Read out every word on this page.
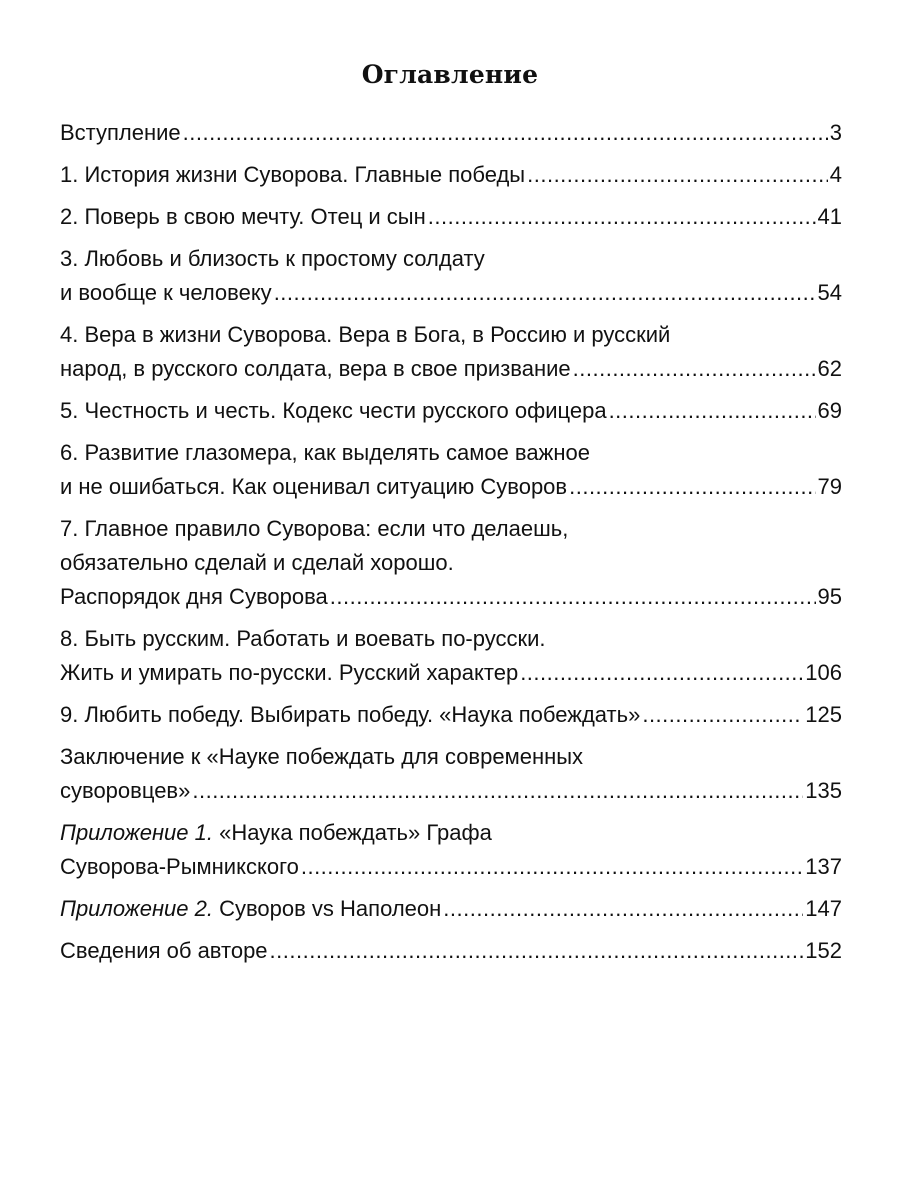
Оглавление
Вступление .....	3
1. История жизни Суворова. Главные победы .....	4
2. Поверь в свою мечту. Отец и сын .....	41
3. Любовь и близость к простому солдату
и вообще к человеку .....	54
4. Вера в жизни Суворова. Вера в Бога, в Россию и русский
народ, в русского солдата, вера в свое призвание .....	62
5. Честность и честь. Кодекс чести русского офицера .....	69
6. Развитие глазомера, как выделять самое важное
и не ошибаться. Как оценивал ситуацию Суворов .....	79
7. Главное правило Суворова: если что делаешь,
обязательно сделай и сделай хорошо.
Распорядок дня Суворова .....	95
8. Быть русским. Работать и воевать по-русски.
Жить и умирать по-русски. Русский характер .....	106
9. Любить победу. Выбирать победу. «Наука побеждать» .....	125
Заключение к «Науке побеждать для современных
суворовцев» .....	135
Приложение 1. «Наука побеждать» Графа
Суворова-Рымникского .....	137
Приложение 2. Суворов vs Наполеон .....	147
Сведения об авторе .....	152
